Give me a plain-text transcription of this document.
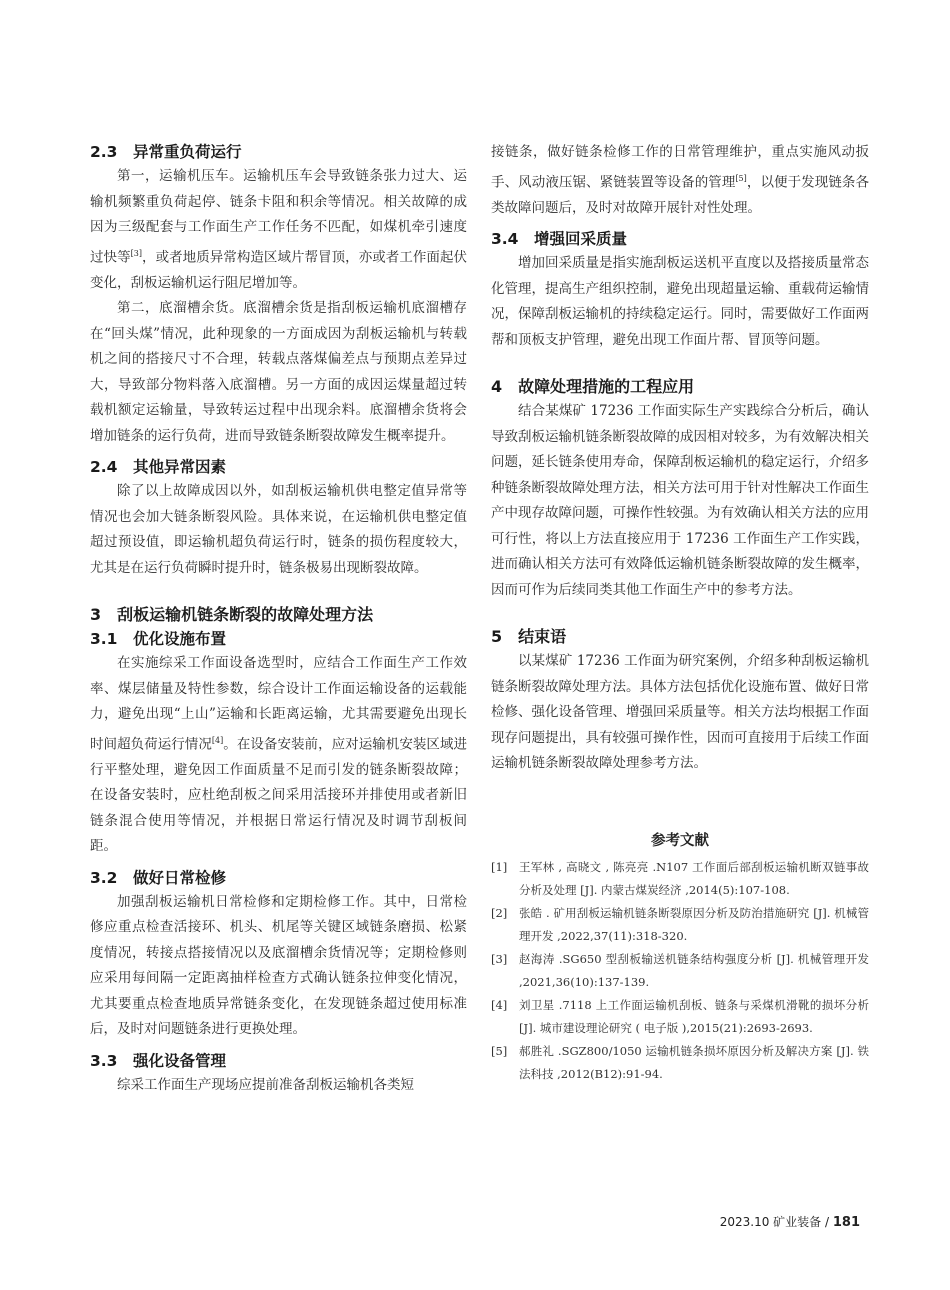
2.3　异常重负荷运行

第一，运输机压车。运输机压车会导致链条张力过大、运输机频繁重负荷起停、链条卡阻和积余等情况。相关故障的成因为三级配套与工作面生产工作任务不匹配，如煤机牵引速度过快等[3]，或者地质异常构造区域片帮冒顶，亦或者工作面起伏变化，刮板运输机运行阻尼增加等。

第二，底溜槽余货。底溜槽余货是指刮板运输机底溜槽存在“回头煤”情况，此种现象的一方面成因为刮板运输机与转载机之间的搭接尺寸不合理，转载点落煤偏差点与预期点差异过大，导致部分物料落入底溜槽。另一方面的成因运煤量超过转载机额定运输量，导致转运过程中出现余料。底溜槽余货将会增加链条的运行负荷，进而导致链条断裂故障发生概率提升。

2.4　其他异常因素

除了以上故障成因以外，如刮板运输机供电整定值异常等情况也会加大链条断裂风险。具体来说，在运输机供电整定值超过预设值，即运输机超负荷运行时，链条的损伤程度较大，尤其是在运行负荷瞬时提升时，链条极易出现断裂故障。

3　刮板运输机链条断裂的故障处理方法
3.1　优化设施布置

在实施综采工作面设备选型时，应结合工作面生产工作效率、煤层储量及特性参数，综合设计工作面运输设备的运载能力，避免出现“上山”运输和长距离运输，尤其需要避免出现长时间超负荷运行情况[4]。在设备安装前，应对运输机安装区域进行平整处理，避免因工作面质量不足而引发的链条断裂故障；在设备安装时，应杜绝刮板之间采用活接环并排使用或者新旧链条混合使用等情况，并根据日常运行情况及时调节刮板间距。

3.2　做好日常检修

加强刮板运输机日常检修和定期检修工作。其中，日常检修应重点检查活接环、机头、机尾等关键区域链条磨损、松紧度情况，转接点搭接情况以及底溜槽余货情况等；定期检修则应采用每间隔一定距离抽样检查方式确认链条拉伸变化情况，尤其要重点检查地质异常链条变化，在发现链条超过使用标准后，及时对问题链条进行更换处理。

3.3　强化设备管理

综采工作面生产现场应提前准备刮板运输机各类短

接链条，做好链条检修工作的日常管理维护，重点实施风动扳手、风动液压锯、紧链装置等设备的管理[5]，以便于发现链条各类故障问题后，及时对故障开展针对性处理。

3.4　增强回采质量

增加回采质量是指实施刮板运送机平直度以及搭接质量常态化管理，提高生产组织控制，避免出现超量运输、重载荷运输情况，保障刮板运输机的持续稳定运行。同时，需要做好工作面两帮和顶板支护管理，避免出现工作面片帮、冒顶等问题。

4　故障处理措施的工程应用

结合某煤矿 17236 工作面实际生产实践综合分析后，确认导致刮板运输机链条断裂故障的成因相对较多，为有效解决相关问题，延长链条使用寿命，保障刮板运输机的稳定运行，介绍多种链条断裂故障处理方法，相关方法可用于针对性解决工作面生产中现存故障问题，可操作性较强。为有效确认相关方法的应用可行性，将以上方法直接应用于 17236 工作面生产工作实践，进而确认相关方法可有效降低运输机链条断裂故障的发生概率，因而可作为后续同类其他工作面生产中的参考方法。

5　结束语

以某煤矿 17236 工作面为研究案例，介绍多种刮板运输机链条断裂故障处理方法。具体方法包括优化设施布置、做好日常检修、强化设备管理、增强回采质量等。相关方法均根据工作面现存问题提出，具有较强可操作性，因而可直接用于后续工作面运输机链条断裂故障处理参考方法。

参考文献
[1]	王军林 , 高晓文 , 陈亮亮 .N107 工作面后部刮板运输机断双链事故分析及处理 [J]. 内蒙古煤炭经济 ,2014(5):107-108.
[2]	张皓 . 矿用刮板运输机链条断裂原因分析及防治措施研究 [J]. 机械管理开发 ,2022,37(11):318-320.
[3]	赵海涛 .SG650 型刮板输送机链条结构强度分析 [J]. 机械管理开发 ,2021,36(10):137-139.
[4]	刘卫星 .7118 上工作面运输机刮板、链条与采煤机滑靴的损坏分析 [J]. 城市建设理论研究 ( 电子版 ),2015(21):2693-2693.
[5]	郝胜礼 .SGZ800/1050 运输机链条损坏原因分析及解决方案 [J]. 铁法科技 ,2012(B12):91-94.
2023.10 矿业装备 / 181
